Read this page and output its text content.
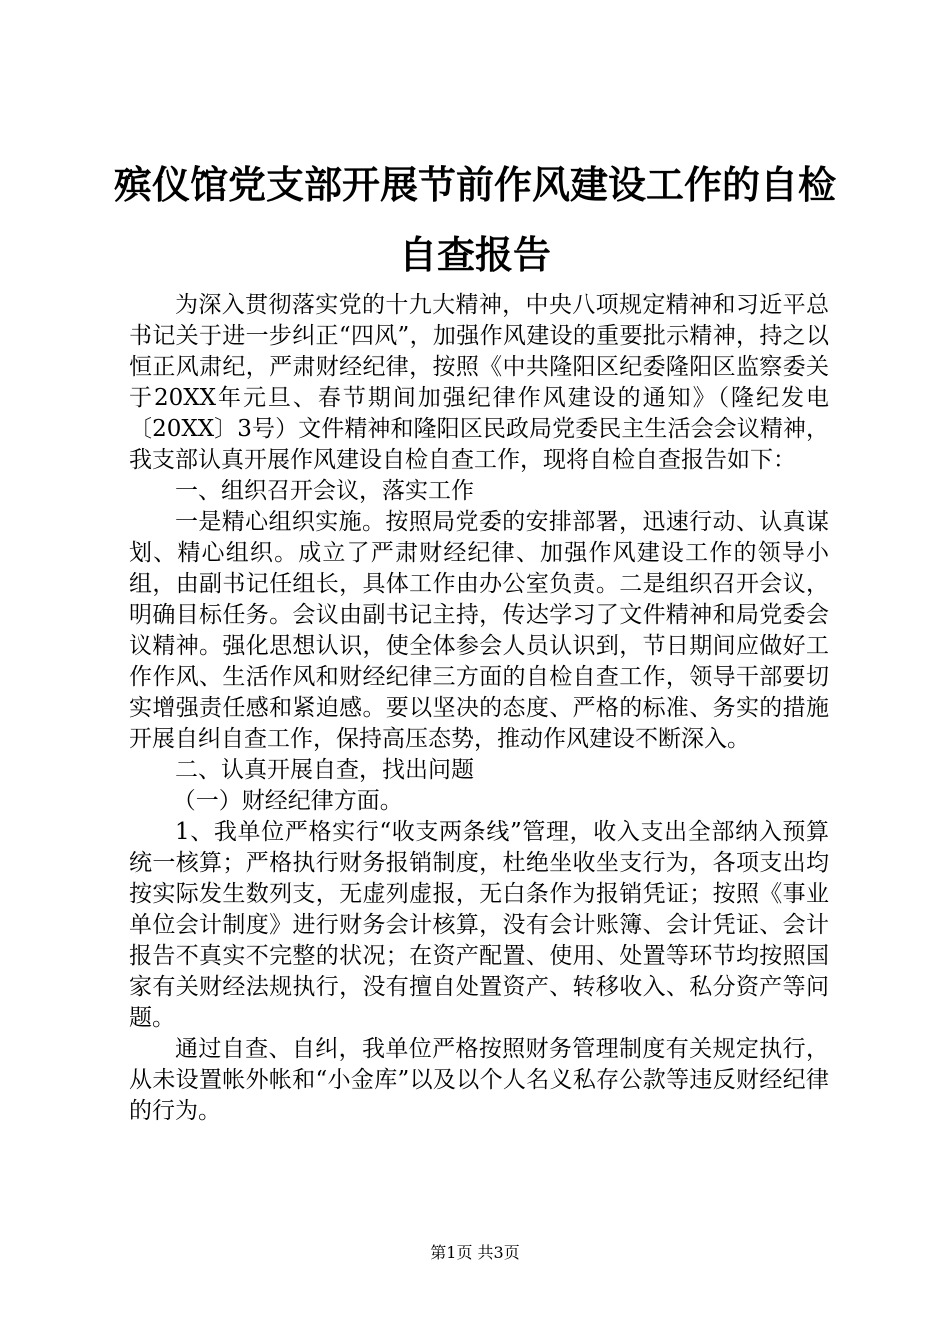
殡仪馆党支部开展节前作风建设工作的自检自查报告

为深入贯彻落实党的十九大精神，中央八项规定精神和习近平总书记关于进一步纠正“四风”，加强作风建设的重要批示精神，持之以恒正风肃纪，严肃财经纪律，按照《中共隆阳区纪委隆阳区监察委关于20XX年元旦、春节期间加强纪律作风建设的通知》（隆纪发电〔20XX〕3号）文件精神和隆阳区民政局党委民主生活会会议精神，我支部认真开展作风建设自检自查工作，现将自检自查报告如下：

一、组织召开会议，落实工作

一是精心组织实施。按照局党委的安排部署，迅速行动、认真谋划、精心组织。成立了严肃财经纪律、加强作风建设工作的领导小组，由副书记任组长，具体工作由办公室负责。二是组织召开会议，明确目标任务。会议由副书记主持，传达学习了文件精神和局党委会议精神。强化思想认识，使全体参会人员认识到，节日期间应做好工作作风、生活作风和财经纪律三方面的自检自查工作，领导干部要切实增强责任感和紧迫感。要以坚决的态度、严格的标准、务实的措施开展自纠自查工作，保持高压态势，推动作风建设不断深入。

二、认真开展自查，找出问题

（一）财经纪律方面。

1、我单位严格实行“收支两条线”管理，收入支出全部纳入预算统一核算；严格执行财务报销制度，杜绝坐收坐支行为，各项支出均按实际发生数列支，无虚列虚报，无白条作为报销凭证；按照《事业单位会计制度》进行财务会计核算，没有会计账簿、会计凭证、会计报告不真实不完整的状况；在资产配置、使用、处置等环节均按照国家有关财经法规执行，没有擅自处置资产、转移收入、私分资产等问题。

通过自查、自纠，我单位严格按照财务管理制度有关规定执行，从未设置帐外帐和“小金库”以及以个人名义私存公款等违反财经纪律的行为。

第1页 共3页
